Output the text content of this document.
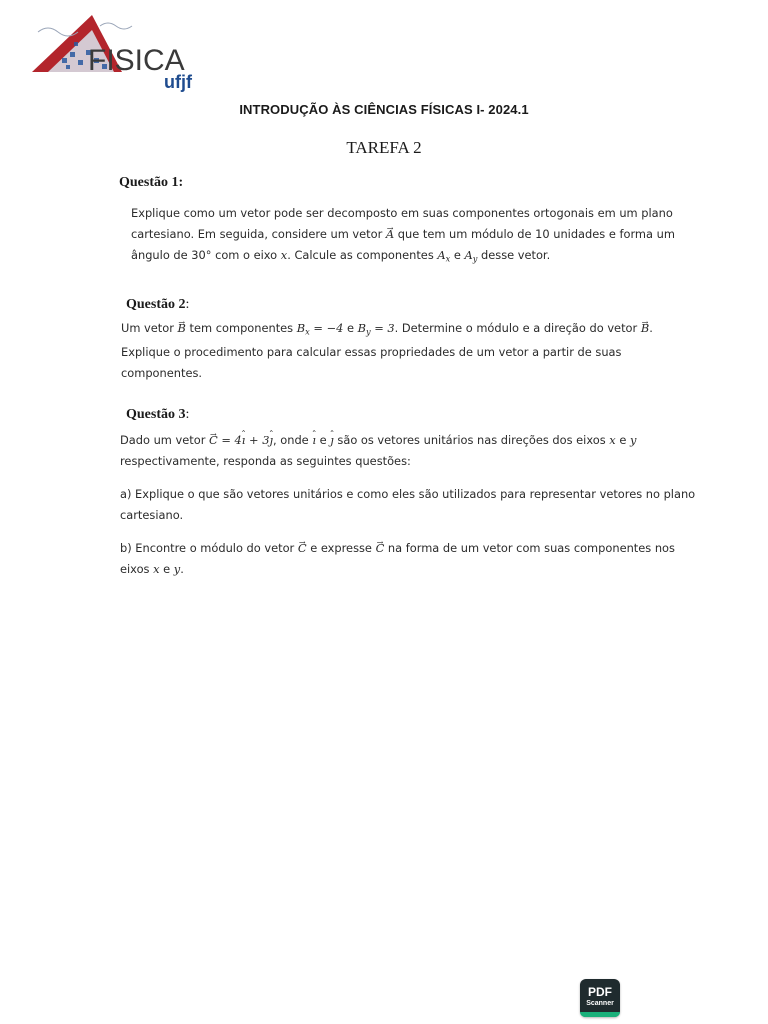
FISICA
ufjf
INTRODUÇÃO ÀS CIÊNCIAS FÍSICAS I- 2024.1
TAREFA 2
Questão 1:
Explique como um vetor pode ser decomposto em suas componentes ortogonais em um plano
cartesiano. Em seguida, considere um vetor → A que tem um módulo de 10 unidades e forma um
ângulo de 30° com o eixo x. Calcule as componentes $A_x$ e $A_y$ desse vetor.
Questão 2:
Um vetor → B tem componentes $B_x = -4$ e $B_y = 3$. Determine o módulo e a direção do vetor → B.
Explique o procedimento para calcular essas propriedades de um vetor a partir de suas
componentes.
Questão 3:
Dado um vetor → C = 4ˆ ı + 3ˆ ȷ, onde ˆ ı e ˆ ȷ são os vetores unitários nas direções dos eixos x e y
respectivamente, responda as seguintes questões:
a) Explique o que são vetores unitários e como eles são utilizados para representar vetores no plano
cartesiano.
b) Encontre o módulo do vetor → C e expresse → C na forma de um vetor com suas componentes nos
eixos x e y.
PDF
Scanner
